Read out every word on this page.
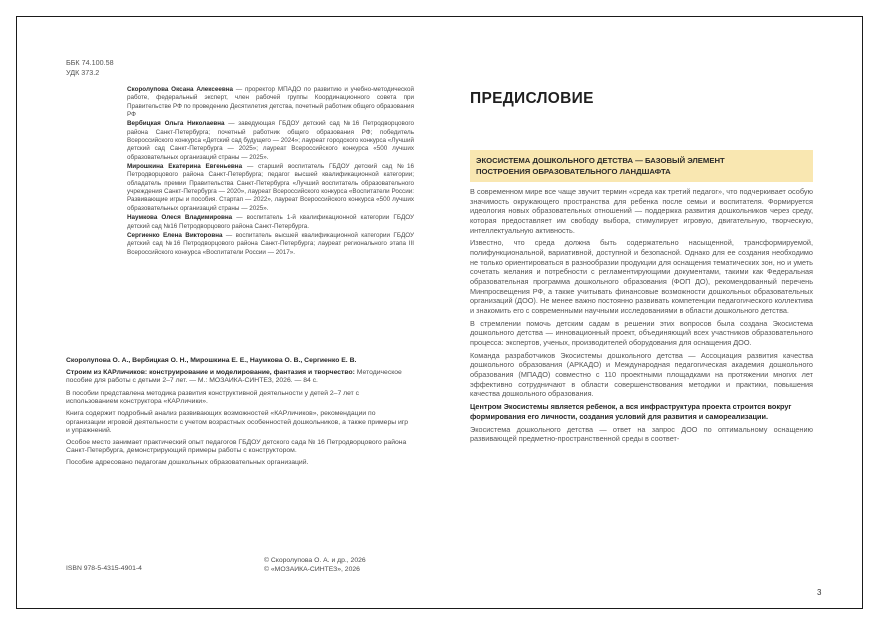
ББК 74.100.58
УДК 373.2

Скоролупова Оксана Алексеевна — проректор МПАДО по развитию и учебно-методической работе, федеральный эксперт, член рабочей группы Координационного совета при Правительстве РФ по проведению Десятилетия детства, почетный работник общего образования РФ

Вербицкая Ольга Николаевна — заведующая ГБДОУ детский сад №16 Петродворцового района Санкт-Петербурга; почетный работник общего образования РФ; победитель Всероссийского конкурса «Детский сад будущего — 2024»; лауреат городского конкурса «Лучший детский сад Санкт-Петербурга — 2025»; лауреат Всероссийского конкурса «500 лучших образовательных организаций страны — 2025».

Мирошкина Екатерина Евгеньевна — старший воспитатель ГБДОУ детский сад №16 Петродворцового района Санкт-Петербурга; педагог высшей квалификационной категории; обладатель премии Правительства Санкт-Петербурга «Лучший воспитатель образовательного учреждения Санкт-Петербурга — 2020», лауреат Всероссийского конкурса «Воспитатели России: Развивающие игры и пособия. Стартап — 2022», лауреат Всероссийского конкурса «500 лучших образовательных организаций страны — 2025».

Наумкова Олеся Владимировна — воспитатель 1-й квалификационной категории ГБДОУ детский сад №16 Петродворцового района Санкт-Петербурга.

Сергиенко Елена Викторовна — воспитатель высшей квалификационной категории ГБДОУ детский сад №16 Петродворцового района Санкт-Петербурга; лауреат регионального этапа III Всероссийского конкурса «Воспитатели России — 2017».

Скоролупова О. А., Вербицкая О. Н., Мирошкина Е. Е., Наумкова О. В., Сергиенко Е. В.

Строим из КАРличиков: конструирование и моделирование, фантазия и творчество: Методическое пособие для работы с детьми 2–7 лет. — М.: МОЗАИКА-СИНТЕЗ, 2026. — 84 с.

В пособии представлена методика развития конструктивной деятельности у детей 2–7 лет с использованием конструктора «КАРличики».

Книга содержит подробный анализ развивающих возможностей «КАРличиков», рекомендации по организации игровой деятельности с учетом возрастных особенностей дошкольников, а также примеры игр и упражнений.

Особое место занимает практический опыт педагогов ГБДОУ детского сада № 16 Петродворцового района Санкт-Петербурга, демонстрирующий примеры работы с конструктором.

Пособие адресовано педагогам дошкольных образовательных организаций.

ISBN 978-5-4315-4901-4
© Скоролупова О. А. и др., 2026
© «МОЗАИКА-СИНТЕЗ», 2026
ПРЕДИСЛОВИЕ
ЭКОСИСТЕМА ДОШКОЛЬНОГО ДЕТСТВА — БАЗОВЫЙ ЭЛЕМЕНТ
ПОСТРОЕНИЯ ОБРАЗОВАТЕЛЬНОГО ЛАНДШАФТА

В современном мире все чаще звучит термин «среда как третий педагог», что подчеркивает особую значимость окружающего пространства для ребенка после семьи и воспитателя. Формируется идеология новых образовательных отношений — поддержка развития дошкольников через среду, которая предоставляет им свободу выбора, стимулирует игровую, двигательную, творческую, интеллектуальную активность.

Известно, что среда должна быть содержательно насыщенной, трансформируемой, полифункциональной, вариативной, доступной и безопасной. Однако для ее создания необходимо не только ориентироваться в разнообразии продукции для оснащения тематических зон, но и уметь сочетать желания и потребности с регламентирующими документами, такими как Федеральная образовательная программа дошкольного образования (ФОП ДО), рекомендованный перечень Минпросвещения РФ, а также учитывать финансовые возможности дошкольных образовательных организаций (ДОО). Не менее важно постоянно развивать компетенции педагогического коллектива и знакомить его с современными научными исследованиями в области дошкольного детства.

В стремлении помочь детским садам в решении этих вопросов была создана Экосистема дошкольного детства — инновационный проект, объединяющий всех участников образовательного процесса: экспертов, ученых, производителей оборудования для оснащения ДОО.

Команда разработчиков Экосистемы дошкольного детства — Ассоциация развития качества дошкольного образования (АРКАДО) и Международная педагогическая академия дошкольного образования (МПАДО) совместно с 110 проектными площадками на протяжении многих лет эффективно сотрудничают в области совершенствования методики и практики, повышения качества дошкольного образования.

Центром Экосистемы является ребенок, а вся инфраструктура проекта строится вокруг формирования его личности, создания условий для развития и самореализации.

Экосистема дошкольного детства — ответ на запрос ДОО по оптимальному оснащению развивающей предметно-пространственной среды в соответ-

3
